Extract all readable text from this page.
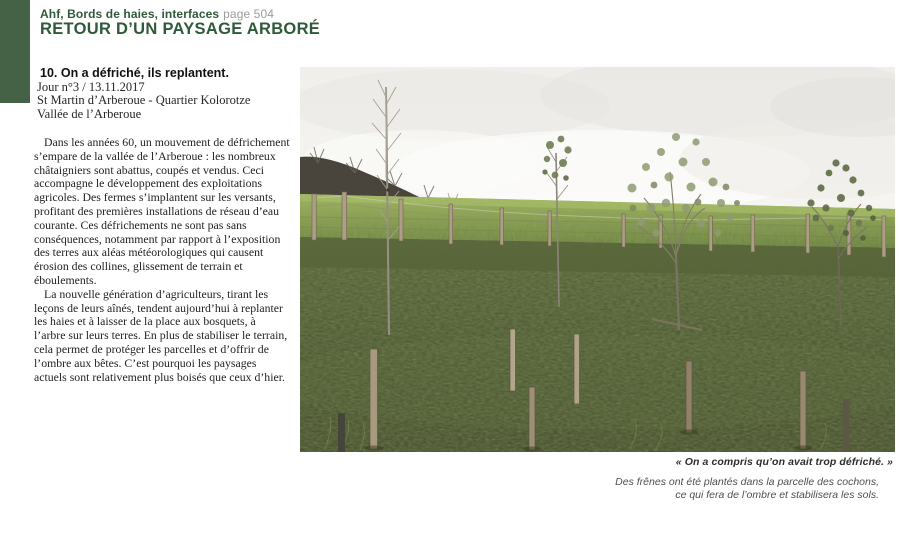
Ahf, Bords de haies, interfaces page 504
RETOUR D’UN PAYSAGE ARBORÉ
10. On a défriché, ils replantent.
Jour n°3 / 13.11.2017
St Martin d’Arberoue - Quartier Kolorotze
Vallée de l’Arberoue

Dans les années 60, un mouvement de défrichement s’empare de la vallée de l’Arberoue : les nombreux châtaigniers sont abattus, coupés et vendus. Ceci accompagne le développement des exploitations agricoles. Des fermes s’implantent sur les versants, profitant des premières installations de réseau d’eau courante. Ces défrichements ne sont pas sans conséquences, notamment par rapport à l’exposition des terres aux aléas météorologiques qui causent érosion des collines, glissement de terrain et éboulements.

La nouvelle génération d’agriculteurs, tirant les leçons de leurs aînés, tendent aujourd’hui à replanter les haies et à laisser de la place aux bosquets, à l’arbre sur leurs terres. En plus de stabiliser le terrain, cela permet de protéger les parcelles et d’offrir de l’ombre aux bêtes. C’est pourquoi les paysages actuels sont relativement plus boisés que ceux d’hier.

« On a compris qu’on avait trop défriché. »
Des frênes ont été plantés dans la parcelle des cochons,
ce qui fera de l’ombre et stabilisera les sols.
